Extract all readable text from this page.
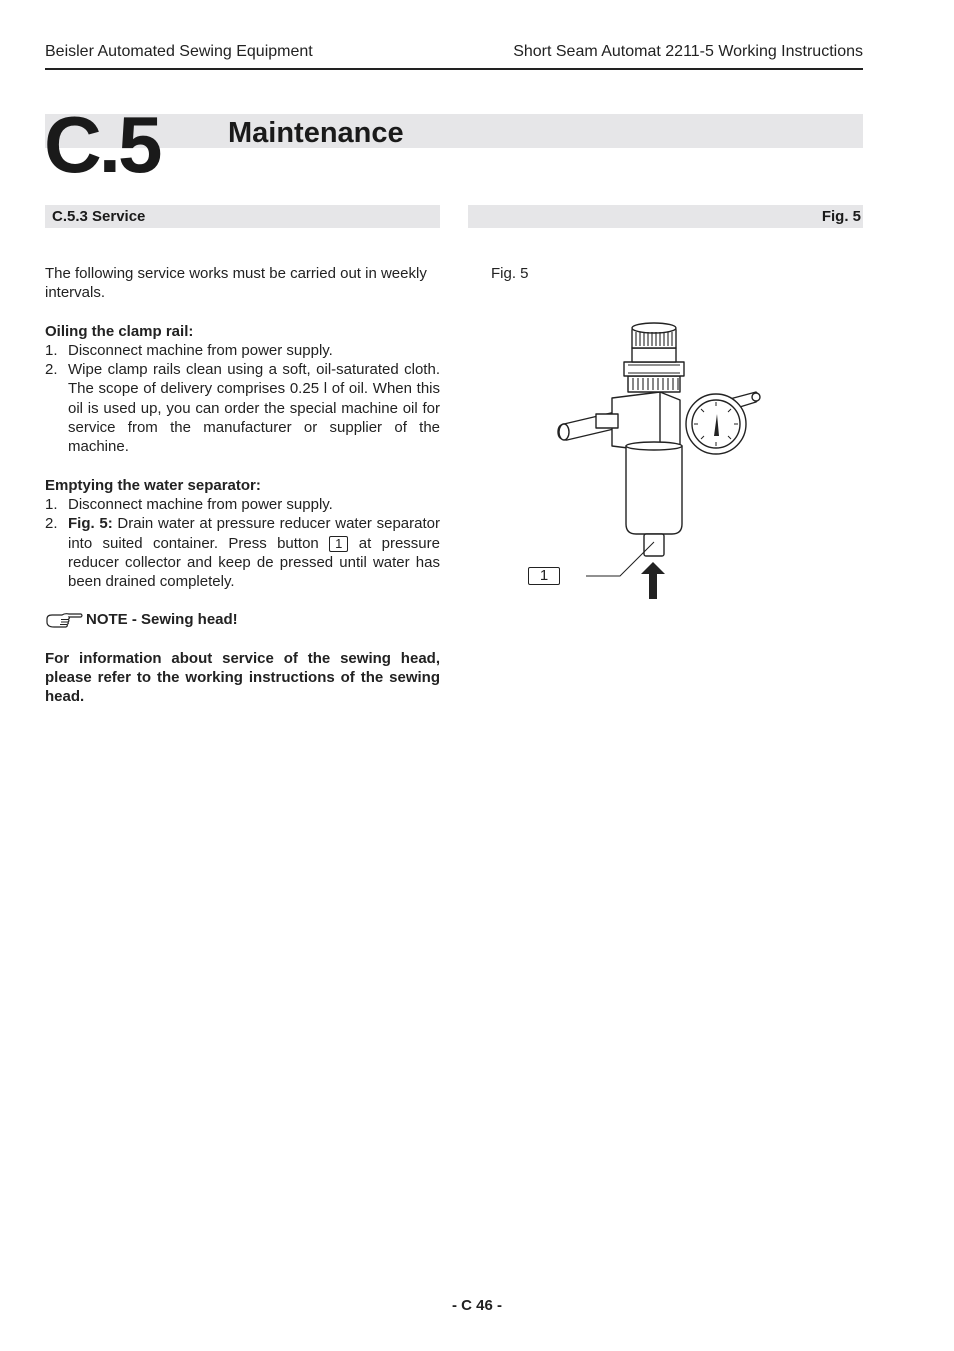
Beisler Automated Sewing Equipment	Short Seam Automat 2211-5 Working Instructions
C.5 Maintenance
C.5.3 Service	Fig. 5
The following service works must be carried out in weekly intervals.
Oiling the clamp rail:
1. Disconnect machine from power supply.
2. Wipe clamp rails clean using a soft, oil-saturated cloth. The scope of delivery comprises 0.25 l of oil. When this oil is used up, you can order the special machine oil for service from the manufacturer or supplier of the machine.
Emptying the water separator:
1. Disconnect machine from power supply.
2. Fig. 5: Drain water at pressure reducer water separator into suited container. Press button 1 at pressure reducer collector and keep de pressed until water has been drained completely.
NOTE - Sewing head!
For information about service of the sewing head, please refer to the working instructions of the sewing head.
Fig. 5
1
- C 46 -
